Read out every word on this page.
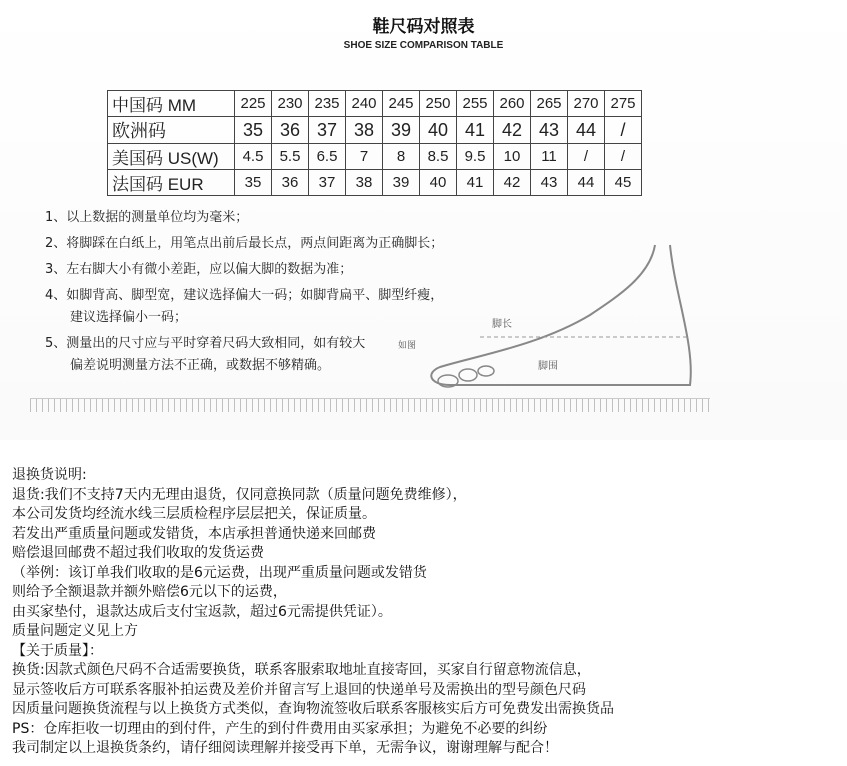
鞋尺码对照表
SHOE SIZE COMPARISON TABLE
中国码 MM	225	230	235	240	245	250	255	260	265	270	275
欧洲码	35	36	37	38	39	40	41	42	43	44	/
美国码 US(W)	4.5	5.5	6.5	7	8	8.5	9.5	10	11	/	/
法国码 EUR	35	36	37	38	39	40	41	42	43	44	45
1、以上数据的测量单位均为毫米；
2、将脚踩在白纸上，用笔点出前后最长点，两点间距离为正确脚长；
3、左右脚大小有微小差距，应以偏大脚的数据为准；
4、如脚背高、脚型宽，建议选择偏大一码；如脚背扁平、脚型纤瘦，
建议选择偏小一码；
5、测量出的尺寸应与平时穿着尺码大致相同，如有较大
偏差说明测量方法不正确，或数据不够精确。
脚长
脚围
如图
退换货说明:
退货:我们不支持7天内无理由退货，仅同意换同款（质量问题免费维修），
本公司发货均经流水线三层质检程序层层把关，保证质量。
若发出严重质量问题或发错货，本店承担普通快递来回邮费
赔偿退回邮费不超过我们收取的发货运费
（举例：该订单我们收取的是6元运费，出现严重质量问题或发错货
则给予全额退款并额外赔偿6元以下的运费，
由买家垫付，退款达成后支付宝返款，超过6元需提供凭证）。
质量问题定义见上方
【关于质量】：
换货:因款式颜色尺码不合适需要换货，联系客服索取地址直接寄回，买家自行留意物流信息，
显示签收后方可联系客服补拍运费及差价并留言写上退回的快递单号及需换出的型号颜色尺码
因质量问题换货流程与以上换货方式类似，查询物流签收后联系客服核实后方可免费发出需换货品
PS：仓库拒收一切理由的到付件，产生的到付件费用由买家承担；为避免不必要的纠纷
我司制定以上退换货条约，请仔细阅读理解并接受再下单，无需争议，谢谢理解与配合！
